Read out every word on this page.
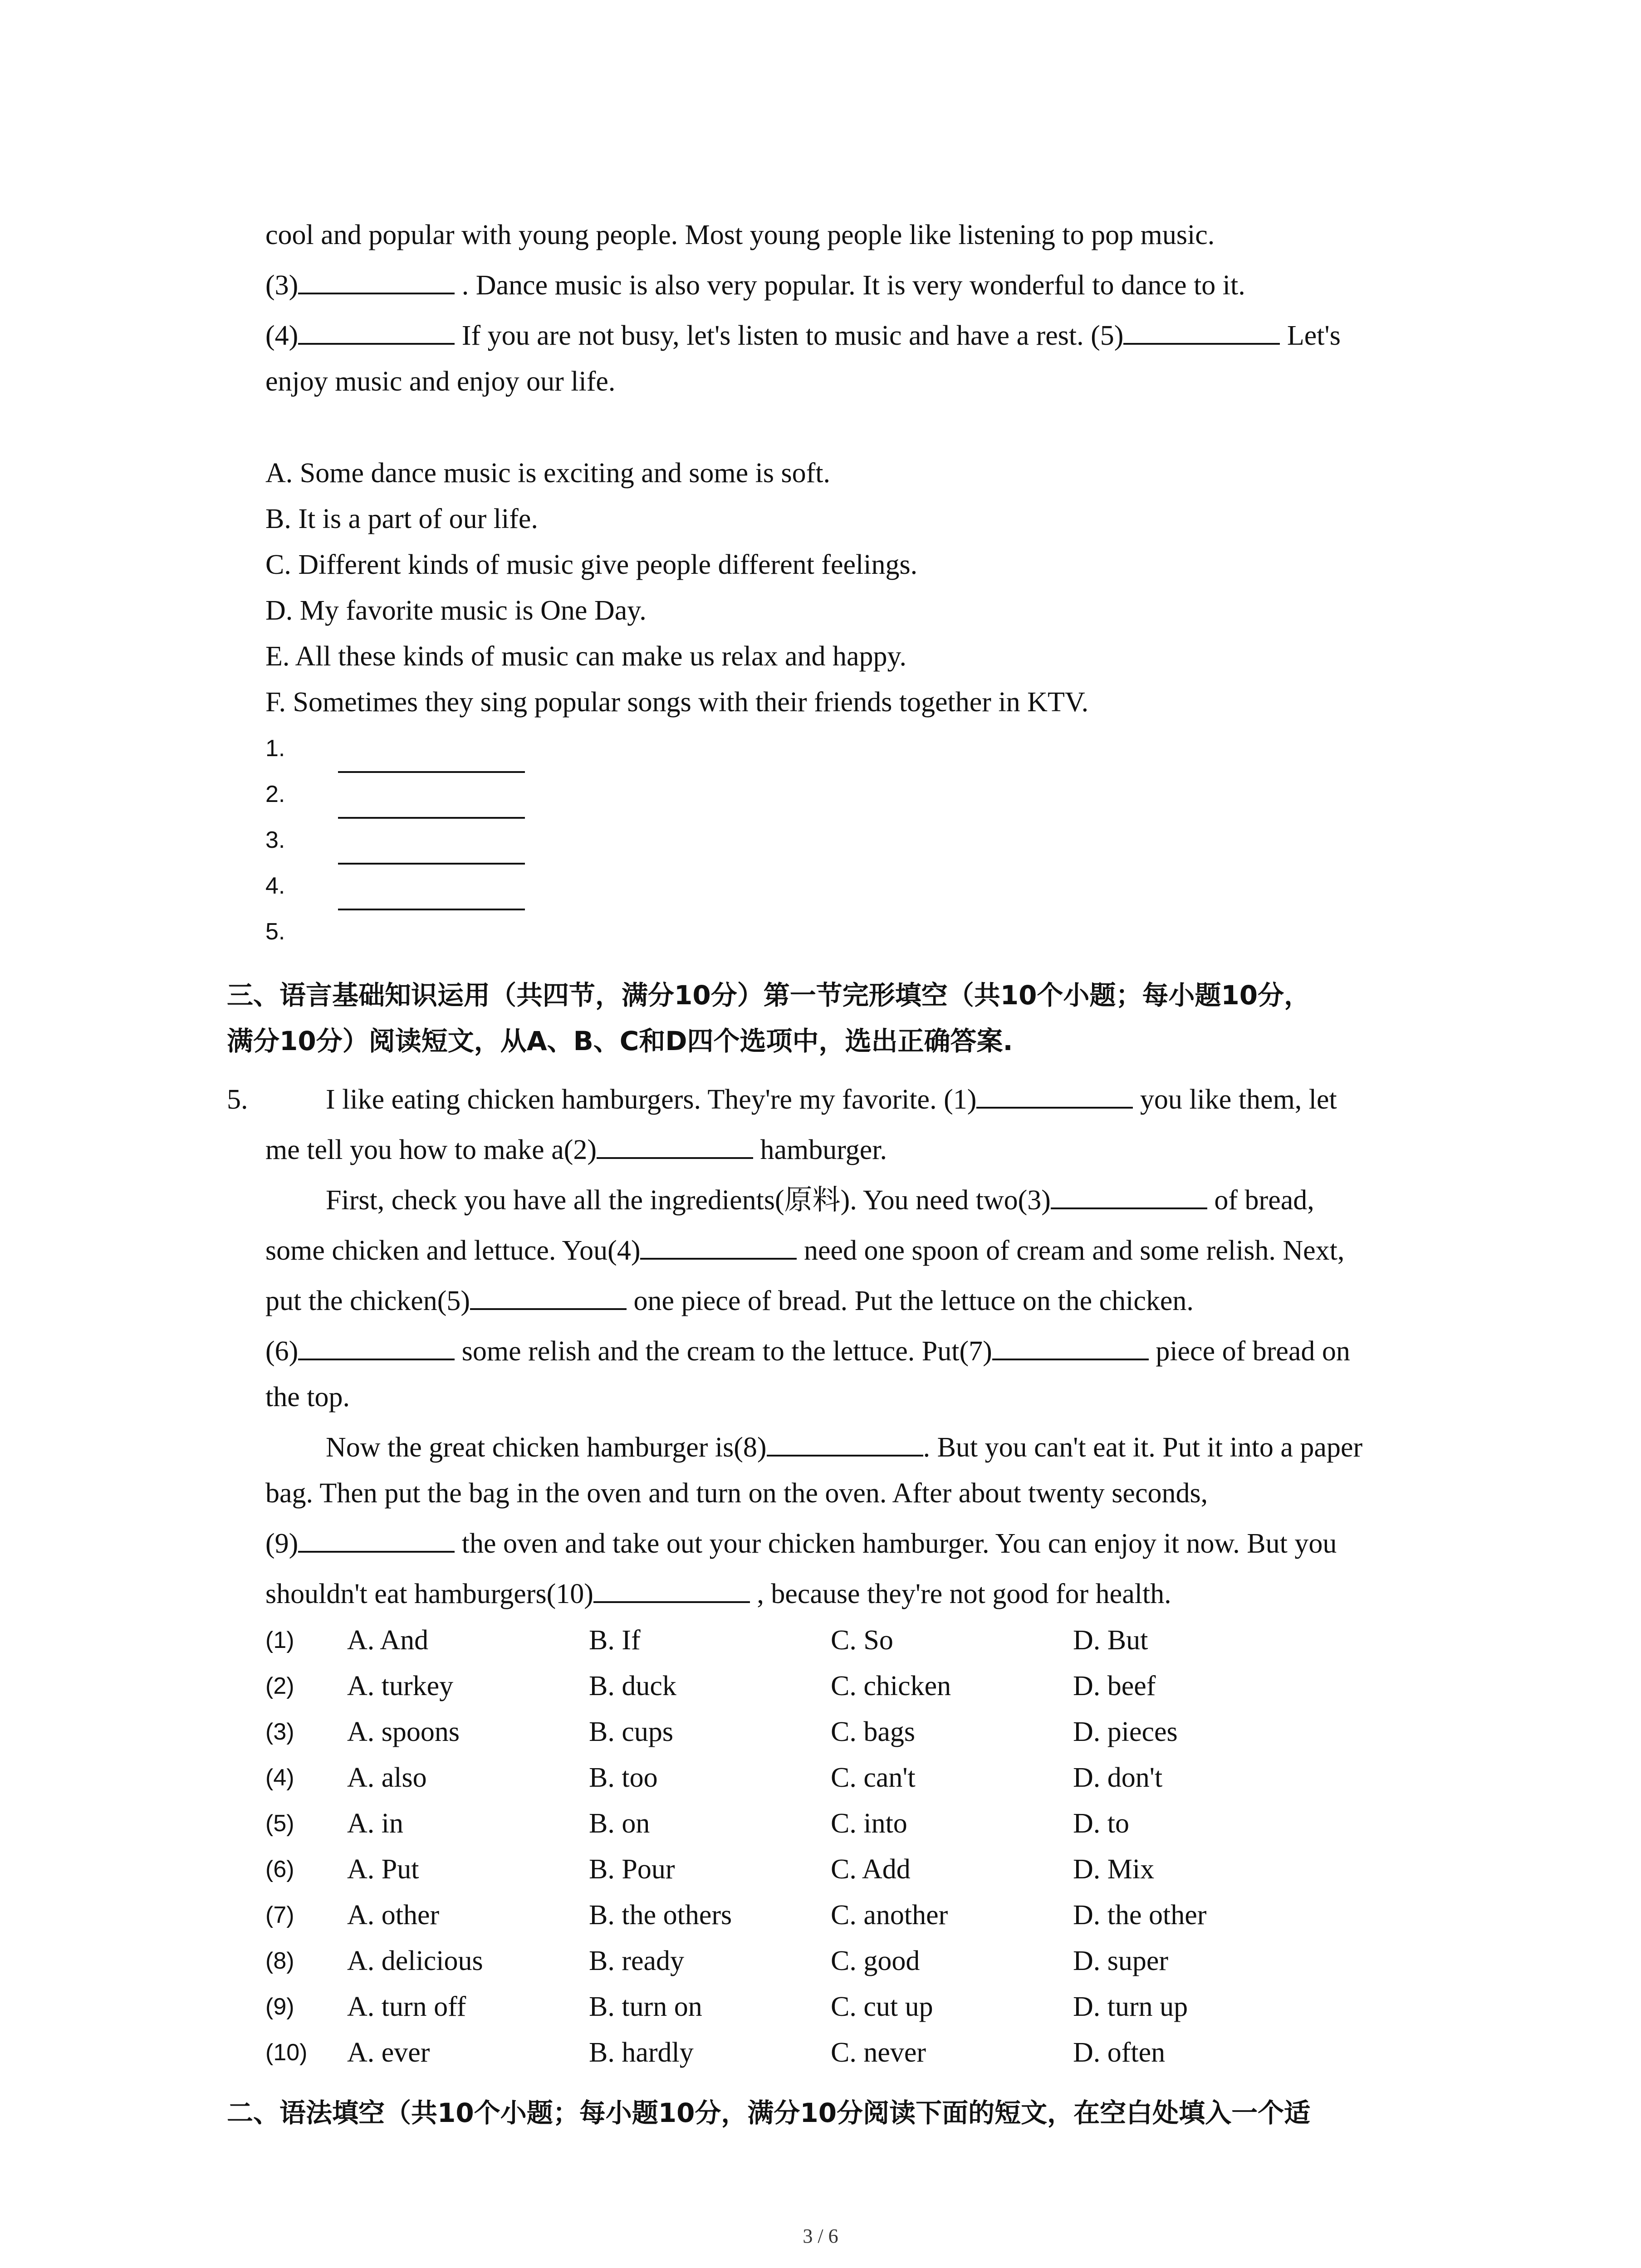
cool and popular with young people. Most young people like listening to pop music.

(3)	. Dance music is also very popular. It is very wonderful to dance to it.

(4)	If you are not busy, let's listen to music and have a rest. (5)	Let's

enjoy music and enjoy our life.

A. Some dance music is exciting and some is soft.

B. It is a part of our life.

C. Different kinds of music give people different feelings.

D. My favorite music is One Day.

E. All these kinds of music can make us relax and happy.

F. Sometimes they sing popular songs with their friends together in KTV.

1.
2.
3.
4.
5.

三、语言基础知识运用（共四节，满分10分）第一节完形填空（共10个小题；每小题10分，

满分10分）阅读短文，从A、B、C和D四个选项中，选出正确答案.

5.	I like eating chicken hamburgers. They're my favorite. (1)	you like them, let

me tell you how to make a(2)	hamburger.

First, check you have all the ingredients(原料). You need two(3)	of bread,

some chicken and lettuce. You(4)	need one spoon of cream and some relish. Next,

put the chicken(5)	one piece of bread. Put the lettuce on the chicken.

(6)	some relish and the cream to the lettuce. Put(7)	piece of bread on

the top.

Now the great chicken hamburger is(8)	. But you can't eat it. Put it into a paper

bag. Then put the bag in the oven and turn on the oven. After about twenty seconds,

(9)	the oven and take out your chicken hamburger. You can enjoy it now. But you

shouldn't eat hamburgers(10)	, because they're not good for health.

(1) A. And	B. If	C. So	D. But
(2) A. turkey	B. duck	C. chicken	D. beef
(3) A. spoons	B. cups	C. bags	D. pieces
(4) A. also	B. too	C. can't	D. don't
(5) A. in	B. on	C. into	D. to
(6) A. Put	B. Pour	C. Add	D. Mix
(7) A. other	B. the others	C. another	D. the other
(8) A. delicious	B. ready	C. good	D. super
(9) A. turn off	B. turn on	C. cut up	D. turn up
(10) A. ever	B. hardly	C. never	D. often

二、语法填空（共10个小题；每小题10分，满分10分阅读下面的短文，在空白处填入一个适

3 / 6
